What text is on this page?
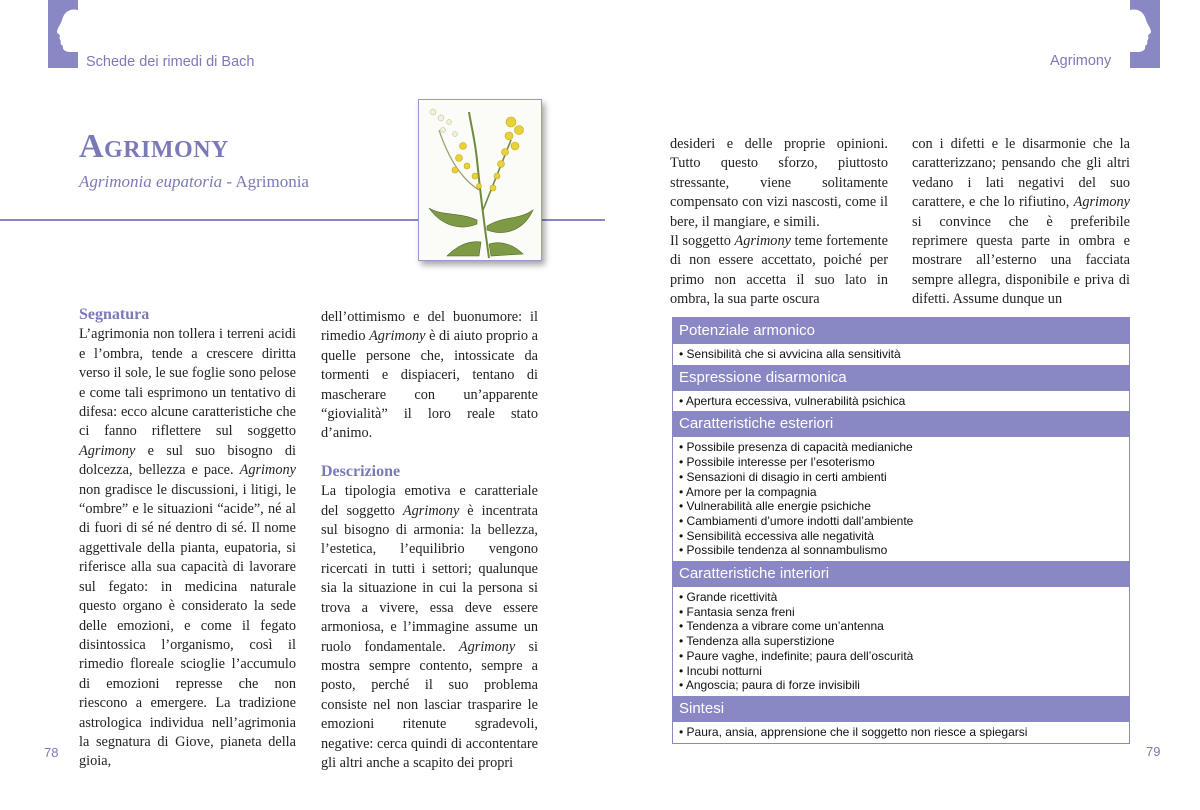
Schede dei rimedi di Bach	Agrimony
Agrimony
Agrimonia eupatoria - Agrimonia

Segnatura

L’agrimonia non tollera i terreni acidi e l’ombra, tende a crescere diritta verso il sole, le sue foglie sono pelose e come tali esprimono un tentativo di difesa: ecco alcune caratteristiche che ci fanno riflettere sul soggetto Agrimony e sul suo bisogno di dolcezza, bellezza e pace. Agrimony non gradisce le discussioni, i litigi, le “ombre” e le situazioni “acide”, né al di fuori di sé né dentro di sé. Il nome aggettivale della pianta, eupatoria, si riferisce alla sua capacità di lavorare sul fegato: in medicina naturale questo organo è considerato la sede delle emozioni, e come il fegato disintossica l’organismo, così il rimedio floreale scioglie l’accumulo di emozioni represse che non riescono a emergere. La tradizione astrologica individua nell’agrimonia la segnatura di Giove, pianeta della gioia,

dell’ottimismo e del buonumore: il rimedio Agrimony è di aiuto proprio a quelle persone che, intossicate da tormenti e dispiaceri, tentano di mascherare con un’apparente “giovialità” il loro reale stato d’animo.

Descrizione

La tipologia emotiva e caratteriale del soggetto Agrimony è incentrata sul bisogno di armonia: la bellezza, l’estetica, l’equilibrio vengono ricercati in tutti i settori; qualunque sia la situazione in cui la persona si trova a vivere, essa deve essere armoniosa, e l’immagine assume un ruolo fondamentale. Agrimony si mostra sempre contento, sempre a posto, perché il suo problema consiste nel non lasciar trasparire le emozioni ritenute sgradevoli, negative: cerca quindi di accontentare gli altri anche a scapito dei propri

78

desideri e delle proprie opinioni. Tutto questo sforzo, piuttosto stressante, viene solitamente compensato con vizi nascosti, come il bere, il mangiare, e simili.

Il soggetto Agrimony teme fortemente di non essere accettato, poiché per primo non accetta il suo lato in ombra, la sua parte oscura

con i difetti e le disarmonie che la caratterizzano; pensando che gli altri vedano i lati negativi del suo carattere, e che lo rifiutino, Agrimony si convince che è preferibile reprimere questa parte in ombra e mostrare all’esterno una facciata sempre allegra, disponibile e priva di difetti. Assume dunque un

Potenziale armonico
• Sensibilità che si avvicina alla sensitività
Espressione disarmonica
• Apertura eccessiva, vulnerabilità psichica
Caratteristiche esteriori
• Possibile presenza di capacità medianiche
• Possibile interesse per l’esoterismo
• Sensazioni di disagio in certi ambienti
• Amore per la compagnia
• Vulnerabilità alle energie psichiche
• Cambiamenti d’umore indotti dall’ambiente
• Sensibilità eccessiva alle negatività
• Possibile tendenza al sonnambulismo
Caratteristiche interiori
• Grande ricettività
• Fantasia senza freni
• Tendenza a vibrare come un’antenna
• Tendenza alla superstizione
• Paure vaghe, indefinite; paura dell’oscurità
• Incubi notturni
• Angoscia; paura di forze invisibili
Sintesi
• Paura, ansia, apprensione che il soggetto non riesce a spiegarsi
79
